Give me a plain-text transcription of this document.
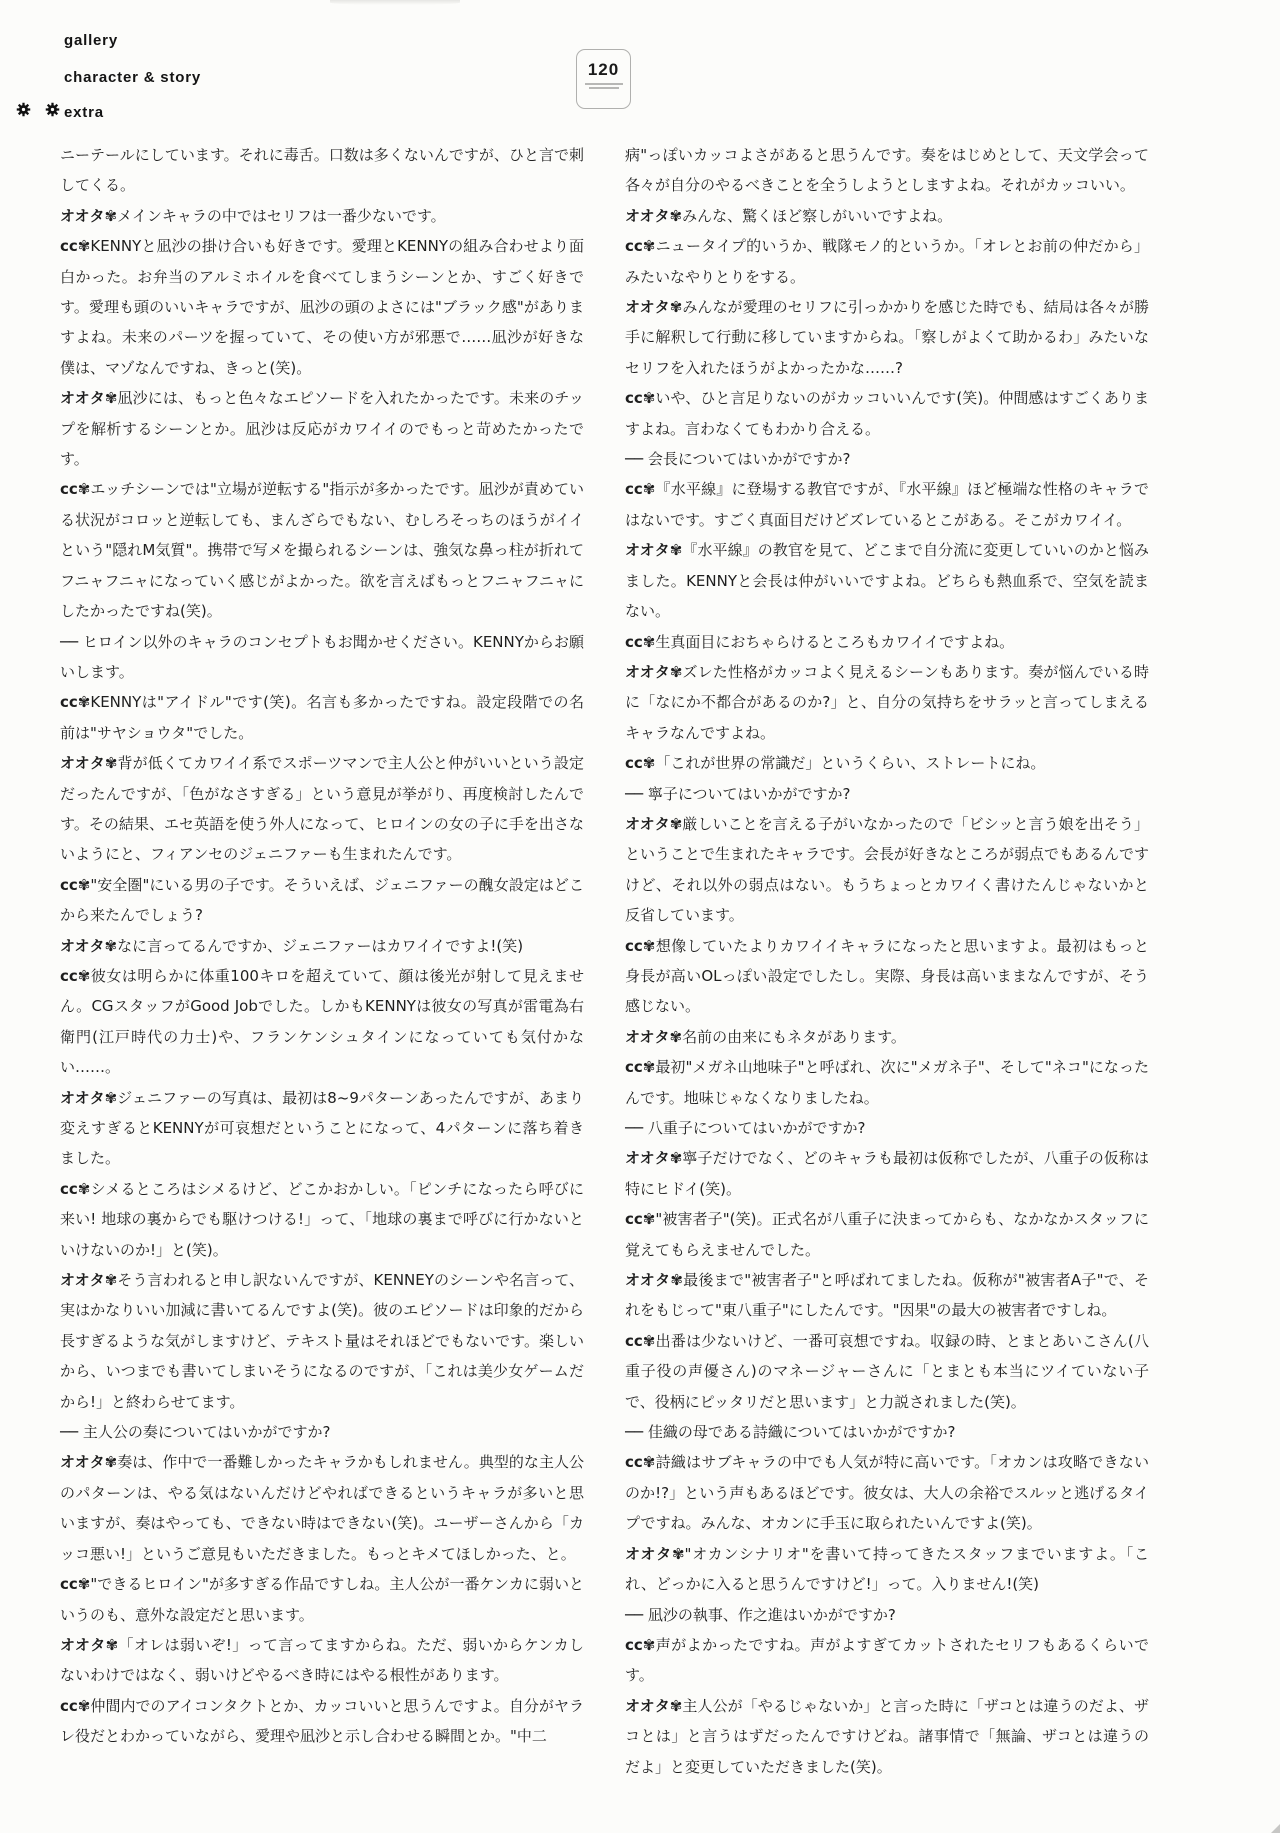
gallery
character & story
extra
120

ニーテールにしています。それに毒舌。口数は多くないんですが、ひと言で刺してくる。

オオタ✾メインキャラの中ではセリフは一番少ないです。

cc✾KENNYと凪沙の掛け合いも好きです。愛理とKENNYの組み合わせより面白かった。お弁当のアルミホイルを食べてしまうシーンとか、すごく好きです。愛理も頭のいいキャラですが、凪沙の頭のよさには"ブラック感"がありますよね。未来のパーツを握っていて、その使い方が邪悪で……凪沙が好きな僕は、マゾなんですね、きっと(笑)。

オオタ✾凪沙には、もっと色々なエピソードを入れたかったです。未来のチップを解析するシーンとか。凪沙は反応がカワイイのでもっと苛めたかったです。

cc✾エッチシーンでは"立場が逆転する"指示が多かったです。凪沙が責めている状況がコロッと逆転しても、まんざらでもない、むしろそっちのほうがイイという"隠れM気質"。携帯で写メを撮られるシーンは、強気な鼻っ柱が折れてフニャフニャになっていく感じがよかった。欲を言えばもっとフニャフニャにしたかったですね(笑)。

── ヒロイン以外のキャラのコンセプトもお聞かせください。KENNYからお願いします。

cc✾KENNYは"アイドル"です(笑)。名言も多かったですね。設定段階での名前は"サヤショウタ"でした。

オオタ✾背が低くてカワイイ系でスポーツマンで主人公と仲がいいという設定だったんですが、「色がなさすぎる」という意見が挙がり、再度検討したんです。その結果、エセ英語を使う外人になって、ヒロインの女の子に手を出さないようにと、フィアンセのジェニファーも生まれたんです。

cc✾"安全圏"にいる男の子です。そういえば、ジェニファーの醜女設定はどこから来たんでしょう?

オオタ✾なに言ってるんですか、ジェニファーはカワイイですよ!(笑)

cc✾彼女は明らかに体重100キロを超えていて、顔は後光が射して見えません。CGスタッフがGood Jobでした。しかもKENNYは彼女の写真が雷電為右衛門(江戸時代の力士)や、フランケンシュタインになっていても気付かない……。

オオタ✾ジェニファーの写真は、最初は8~9パターンあったんですが、あまり変えすぎるとKENNYが可哀想だということになって、4パターンに落ち着きました。

cc✾シメるところはシメるけど、どこかおかしい。「ピンチになったら呼びに来い! 地球の裏からでも駆けつける!」って、「地球の裏まで呼びに行かないといけないのか!」と(笑)。

オオタ✾そう言われると申し訳ないんですが、KENNEYのシーンや名言って、実はかなりいい加減に書いてるんですよ(笑)。彼のエピソードは印象的だから長すぎるような気がしますけど、テキスト量はそれほどでもないです。楽しいから、いつまでも書いてしまいそうになるのですが、「これは美少女ゲームだから!」と終わらせてます。

── 主人公の奏についてはいかがですか?

オオタ✾奏は、作中で一番難しかったキャラかもしれません。典型的な主人公のパターンは、やる気はないんだけどやればできるというキャラが多いと思いますが、奏はやっても、できない時はできない(笑)。ユーザーさんから「カッコ悪い!」というご意見もいただきました。もっとキメてほしかった、と。

cc✾"できるヒロイン"が多すぎる作品ですしね。主人公が一番ケンカに弱いというのも、意外な設定だと思います。

オオタ✾「オレは弱いぞ!」って言ってますからね。ただ、弱いからケンカしないわけではなく、弱いけどやるべき時にはやる根性があります。

cc✾仲間内でのアイコンタクトとか、カッコいいと思うんですよ。自分がヤラレ役だとわかっていながら、愛理や凪沙と示し合わせる瞬間とか。"中二

病"っぽいカッコよさがあると思うんです。奏をはじめとして、天文学会って各々が自分のやるべきことを全うしようとしますよね。それがカッコいい。

オオタ✾みんな、驚くほど察しがいいですよね。

cc✾ニュータイプ的いうか、戦隊モノ的というか。「オレとお前の仲だから」みたいなやりとりをする。

オオタ✾みんなが愛理のセリフに引っかかりを感じた時でも、結局は各々が勝手に解釈して行動に移していますからね。「察しがよくて助かるわ」みたいなセリフを入れたほうがよかったかな……?

cc✾いや、ひと言足りないのがカッコいいんです(笑)。仲間感はすごくありますよね。言わなくてもわかり合える。

── 会長についてはいかがですか?

cc✾『水平線』に登場する教官ですが、『水平線』ほど極端な性格のキャラではないです。すごく真面目だけどズレているとこがある。そこがカワイイ。

オオタ✾『水平線』の教官を見て、どこまで自分流に変更していいのかと悩みました。KENNYと会長は仲がいいですよね。どちらも熱血系で、空気を読まない。

cc✾生真面目におちゃらけるところもカワイイですよね。

オオタ✾ズレた性格がカッコよく見えるシーンもあります。奏が悩んでいる時に「なにか不都合があるのか?」と、自分の気持ちをサラッと言ってしまえるキャラなんですよね。

cc✾「これが世界の常識だ」というくらい、ストレートにね。

── 寧子についてはいかがですか?

オオタ✾厳しいことを言える子がいなかったので「ビシッと言う娘を出そう」ということで生まれたキャラです。会長が好きなところが弱点でもあるんですけど、それ以外の弱点はない。もうちょっとカワイく書けたんじゃないかと反省しています。

cc✾想像していたよりカワイイキャラになったと思いますよ。最初はもっと身長が高いOLっぽい設定でしたし。実際、身長は高いままなんですが、そう感じない。

オオタ✾名前の由来にもネタがあります。

cc✾最初"メガネ山地味子"と呼ばれ、次に"メガネ子"、そして"ネコ"になったんです。地味じゃなくなりましたね。

── 八重子についてはいかがですか?

オオタ✾寧子だけでなく、どのキャラも最初は仮称でしたが、八重子の仮称は特にヒドイ(笑)。

cc✾"被害者子"(笑)。正式名が八重子に決まってからも、なかなかスタッフに覚えてもらえませんでした。

オオタ✾最後まで"被害者子"と呼ばれてましたね。仮称が"被害者A子"で、それをもじって"東八重子"にしたんです。"因果"の最大の被害者ですしね。

cc✾出番は少ないけど、一番可哀想ですね。収録の時、とまとあいこさん(八重子役の声優さん)のマネージャーさんに「とまとも本当にツイていない子で、役柄にピッタリだと思います」と力説されました(笑)。

── 佳織の母である詩織についてはいかがですか?

cc✾詩織はサブキャラの中でも人気が特に高いです。「オカンは攻略できないのか!?」という声もあるほどです。彼女は、大人の余裕でスルッと逃げるタイプですね。みんな、オカンに手玉に取られたいんですよ(笑)。

オオタ✾"オカンシナリオ"を書いて持ってきたスタッフまでいますよ。「これ、どっかに入ると思うんですけど!」って。入りません!(笑)

── 凪沙の執事、作之進はいかがですか?

cc✾声がよかったですね。声がよすぎてカットされたセリフもあるくらいです。

オオタ✾主人公が「やるじゃないか」と言った時に「ザコとは違うのだよ、ザコとは」と言うはずだったんですけどね。諸事情で「無論、ザコとは違うのだよ」と変更していただきました(笑)。
